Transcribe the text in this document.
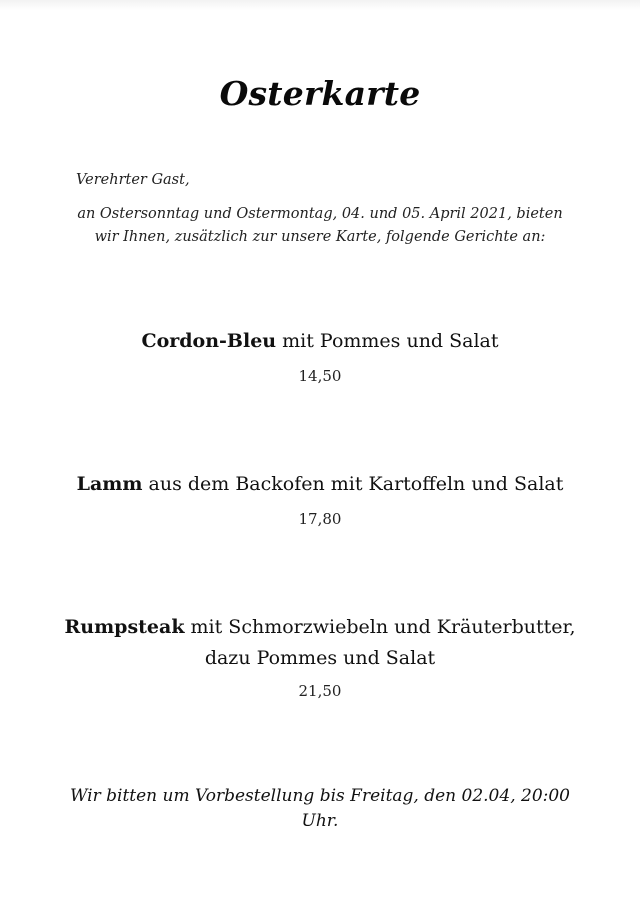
Osterkarte
Verehrter Gast,
an Ostersonntag und Ostermontag, 04. und 05. April 2021, bieten
wir Ihnen, zusätzlich zur unsere Karte, folgende Gerichte an:
Cordon-Bleu mit Pommes und Salat
14,50
Lamm aus dem Backofen mit Kartoffeln und Salat
17,80
Rumpsteak mit Schmorzwiebeln und Kräuterbutter,
dazu Pommes und Salat
21,50
Wir bitten um Vorbestellung bis Freitag, den 02.04, 20:00
Uhr.
